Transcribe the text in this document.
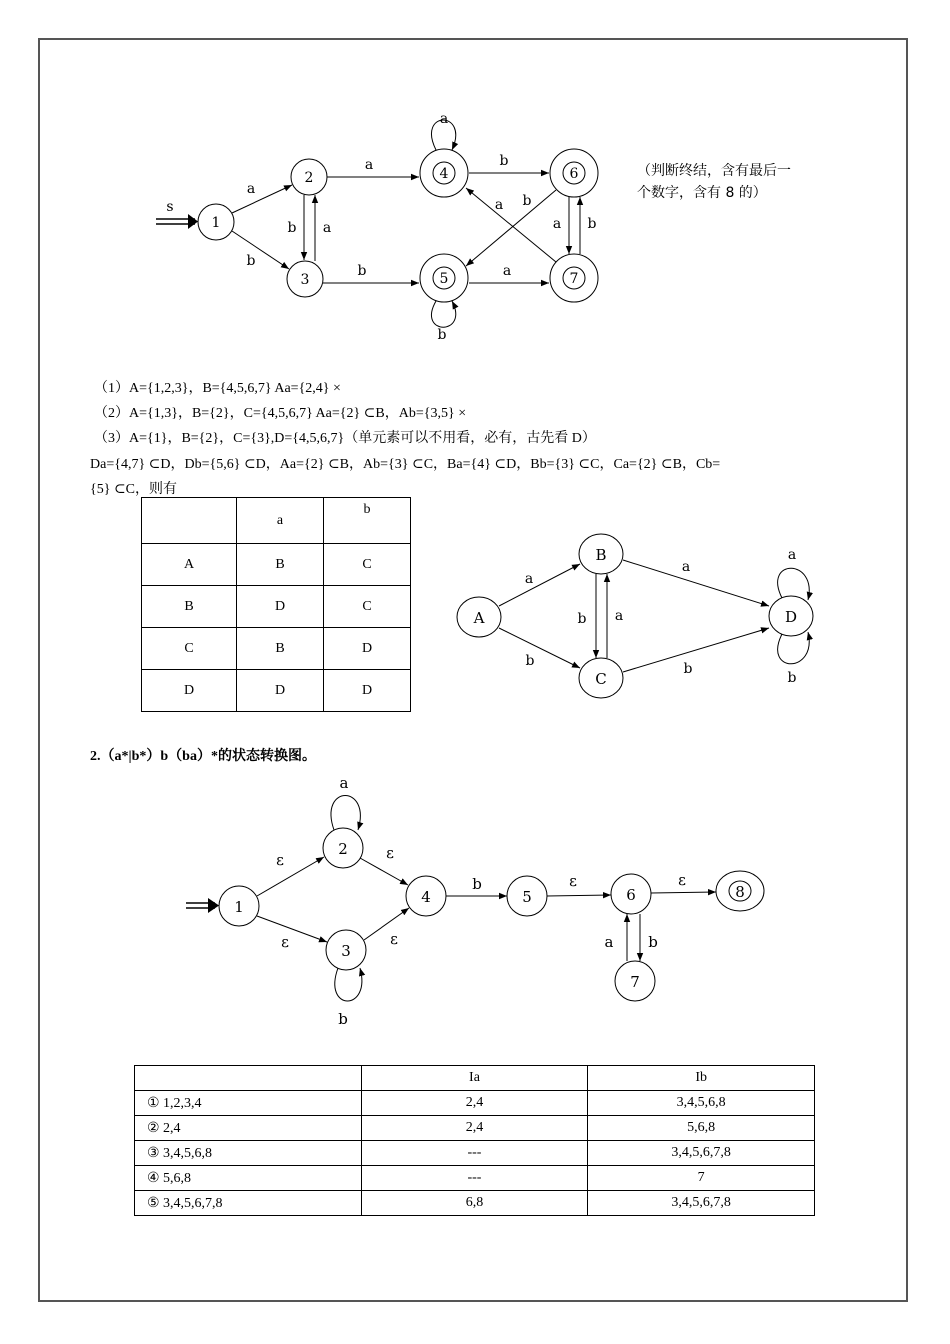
s
1
2
3
4
5
6
7
a
b
b a
a
b
a
b
b
a
b
a b
a
（判断终结，含有最后一个数字，含有 8 的）
（1）A={1,2,3}，B={4,5,6,7} Aa={2,4} ×
（2）A={1,3}，B={2}，C={4,5,6,7} Aa={2} ⊂B，Ab={3,5} ×
（3）A={1}，B={2}，C={3},D={4,5,6,7}（单元素可以不用看，必有，古先看 D）
Da={4,7} ⊂D，Db={5,6} ⊂D，Aa={2} ⊂B，Ab={3} ⊂C，Ba={4} ⊂D，Bb={3} ⊂C，Ca={2} ⊂B，Cb=
{5} ⊂C，则有
	a	b
A	B	C
B	D	C
C	B	D
D	D	D
A
B
C
D
a
b
b a
a
b
a
b
2.（a*|b*）b（ba）*的状态转换图。
1
2
3
4	5	6
7
8
ε
ε
a
b
ε
ε
b	ε	ε
a b
	Ia	Ib
① 1,2,3,4	2,4	3,4,5,6,8
② 2,4	2,4	5,6,8
③ 3,4,5,6,8	---	3,4,5,6,7,8
④ 5,6,8	---	7
⑤ 3,4,5,6,7,8	6,8	3,4,5,6,7,8
